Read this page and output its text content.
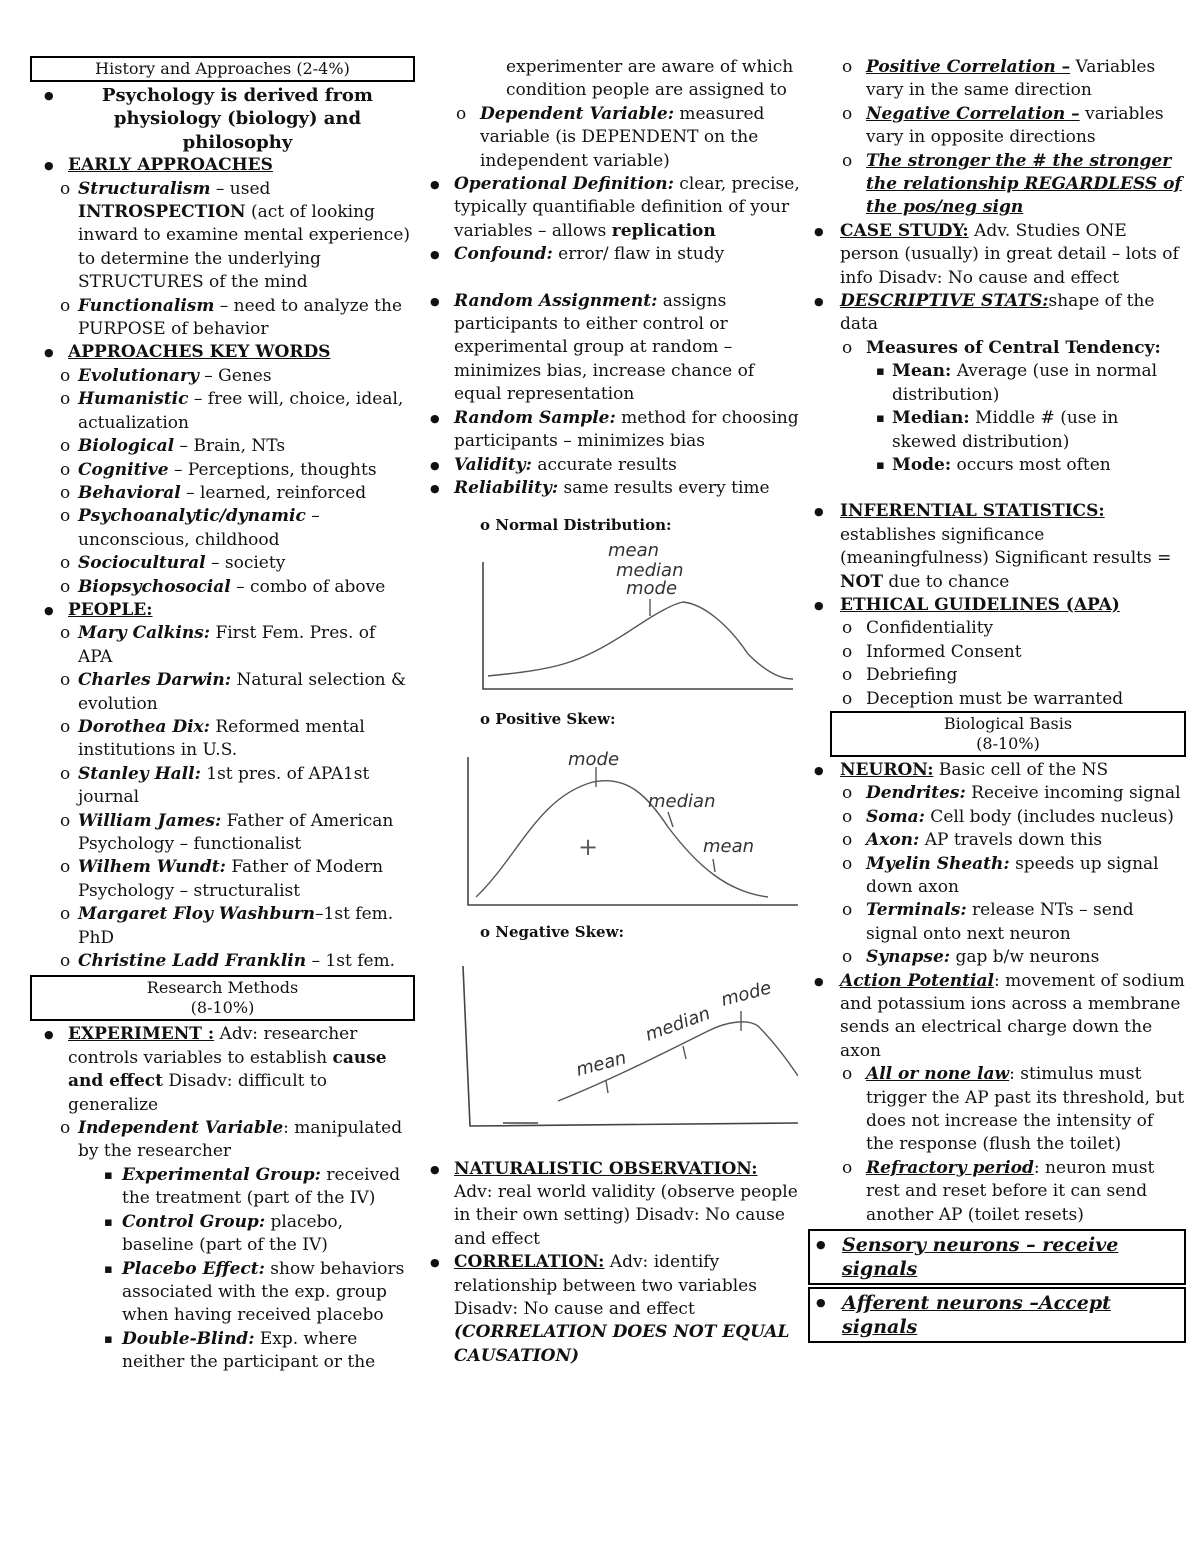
History and Approaches (2-4%)
● Psychology is derived from physiology (biology) and philosophy
● EARLY APPROACHES
o Structuralism – used INTROSPECTION (act of looking inward to examine mental experience) to determine the underlying STRUCTURES of the mind
o Functionalism – need to analyze the PURPOSE of behavior
● APPROACHES KEY WORDS
o Evolutionary – Genes
o Humanistic – free will, choice, ideal, actualization
o Biological – Brain, NTs
o Cognitive – Perceptions, thoughts
o Behavioral – learned, reinforced
o Psychoanalytic/dynamic – unconscious, childhood
o Sociocultural – society
o Biopsychosocial – combo of above
● PEOPLE:
o Mary Calkins: First Fem. Pres. of APA
o Charles Darwin: Natural selection & evolution
o Dorothea Dix: Reformed mental institutions in U.S.
o Stanley Hall: 1st pres. of APA1st journal
o William James: Father of American Psychology – functionalist
o Wilhem Wundt: Father of Modern Psychology – structuralist
o Margaret Floy Washburn–1st fem. PhD
o Christine Ladd Franklin – 1st fem.
Research Methods
(8-10%)
● EXPERIMENT : Adv: researcher controls variables to establish cause and effect Disadv: difficult to generalize
o Independent Variable: manipulated by the researcher
▪ Experimental Group: received the treatment (part of the IV)
▪ Control Group: placebo, baseline (part of the IV)
▪ Placebo Effect: show behaviors associated with the exp. group when having received placebo
▪ Double-Blind: Exp. where neither the participant or the
experimenter are aware of which condition people are assigned to
o Dependent Variable: measured variable (is DEPENDENT on the independent variable)
● Operational Definition: clear, precise, typically quantifiable definition of your variables – allows replication
● Confound: error/ flaw in study
● Random Assignment: assigns participants to either control or experimental group at random – minimizes bias, increase chance of equal representation
● Random Sample: method for choosing participants – minimizes bias
● Validity: accurate results
● Reliability: same results every time
o Normal Distribution:
mean
median
mode
o Positive Skew:
+
mode
median
mean
o Negative Skew:
mean
median
mode
● NATURALISTIC OBSERVATION: Adv: real world validity (observe people in their own setting) Disadv: No cause and effect
● CORRELATION: Adv: identify relationship between two variables Disadv: No cause and effect (CORRELATION DOES NOT EQUAL CAUSATION)
o Positive Correlation – Variables vary in the same direction
o Negative Correlation – variables vary in opposite directions
o The stronger the # the stronger the relationship REGARDLESS of the pos/neg sign
● CASE STUDY: Adv. Studies ONE person (usually) in great detail – lots of info Disadv: No cause and effect
● DESCRIPTIVE STATS:shape of the data
o Measures of Central Tendency:
▪ Mean: Average (use in normal distribution)
▪ Median: Middle # (use in skewed distribution)
▪ Mode: occurs most often
● INFERENTIAL STATISTICS:
establishes significance (meaningfulness) Significant results = NOT due to chance
● ETHICAL GUIDELINES (APA)
o Confidentiality
o Informed Consent
o Debriefing
o Deception must be warranted
Biological Basis
(8-10%)
● NEURON: Basic cell of the NS
o Dendrites: Receive incoming signal
o Soma: Cell body (includes nucleus)
o Axon: AP travels down this
o Myelin Sheath: speeds up signal down axon
o Terminals: release NTs – send signal onto next neuron
o Synapse: gap b/w neurons
● Action Potential: movement of sodium and potassium ions across a membrane sends an electrical charge down the axon
o All or none law: stimulus must trigger the AP past its threshold, but does not increase the intensity of the response (flush the toilet)
o Refractory period: neuron must rest and reset before it can send another AP (toilet resets)
● Sensory neurons – receive signals
● Afferent neurons –Accept signals
